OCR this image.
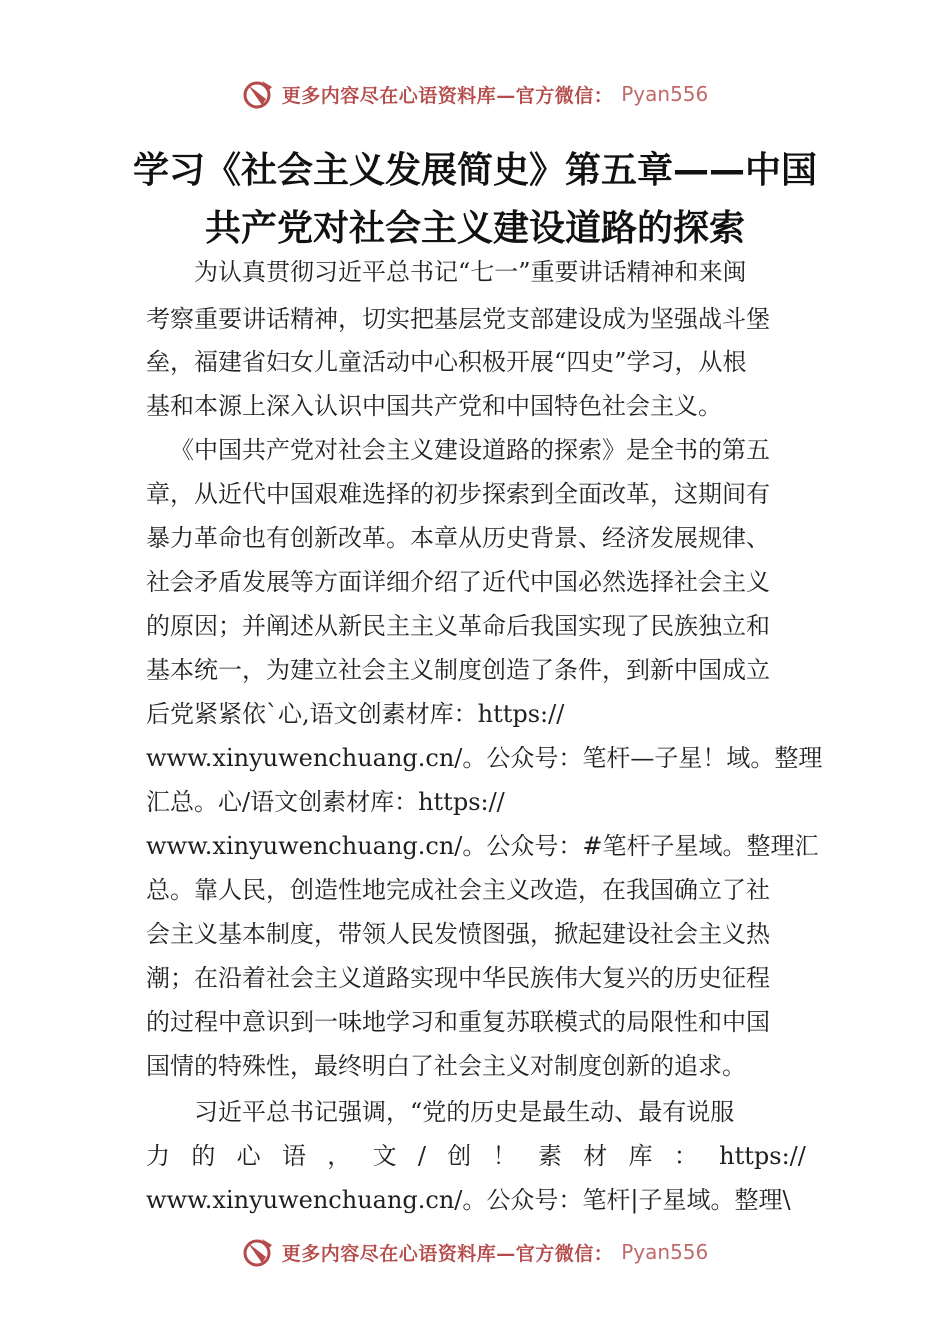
更多内容尽在心语资料库—官方微信： Pyan556
学习《社会主义发展简史》第五章——中国
共产党对社会主义建设道路的探索
为认真贯彻习近平总书记“七一”重要讲话精神和来闽
考察重要讲话精神，切实把基层党支部建设成为坚强战斗堡
垒，福建省妇女儿童活动中心积极开展“四史”学习，从根
基和本源上深入认识中国共产党和中国特色社会主义。
《中国共产党对社会主义建设道路的探索》是全书的第五
章，从近代中国艰难选择的初步探索到全面改革，这期间有
暴力革命也有创新改革。本章从历史背景、经济发展规律、
社会矛盾发展等方面详细介绍了近代中国必然选择社会主义
的原因；并阐述从新民主主义革命后我国实现了民族独立和
基本统一，为建立社会主义制度创造了条件，到新中国成立
后党紧紧依`心,语文创素材库：https://
www.xinyuwenchuang.cn/。公众号：笔杆—子星！域。整理
汇总。心/语文创素材库：https://
www.xinyuwenchuang.cn/。公众号：#笔杆子星域。整理汇
总。靠人民，创造性地完成社会主义改造，在我国确立了社
会主义基本制度，带领人民发愤图强，掀起建设社会主义热
潮；在沿着社会主义道路实现中华民族伟大复兴的历史征程
的过程中意识到一味地学习和重复苏联模式的局限性和中国
国情的特殊性，最终明白了社会主义对制度创新的追求。
习近平总书记强调，“党的历史是最生动、最有说服
力 的 心 语 ， 文 / 创 ！ 素 材 库 ： https://
www.xinyuwenchuang.cn/。公众号：笔杆|子星域。整理\
更多内容尽在心语资料库—官方微信： Pyan556
